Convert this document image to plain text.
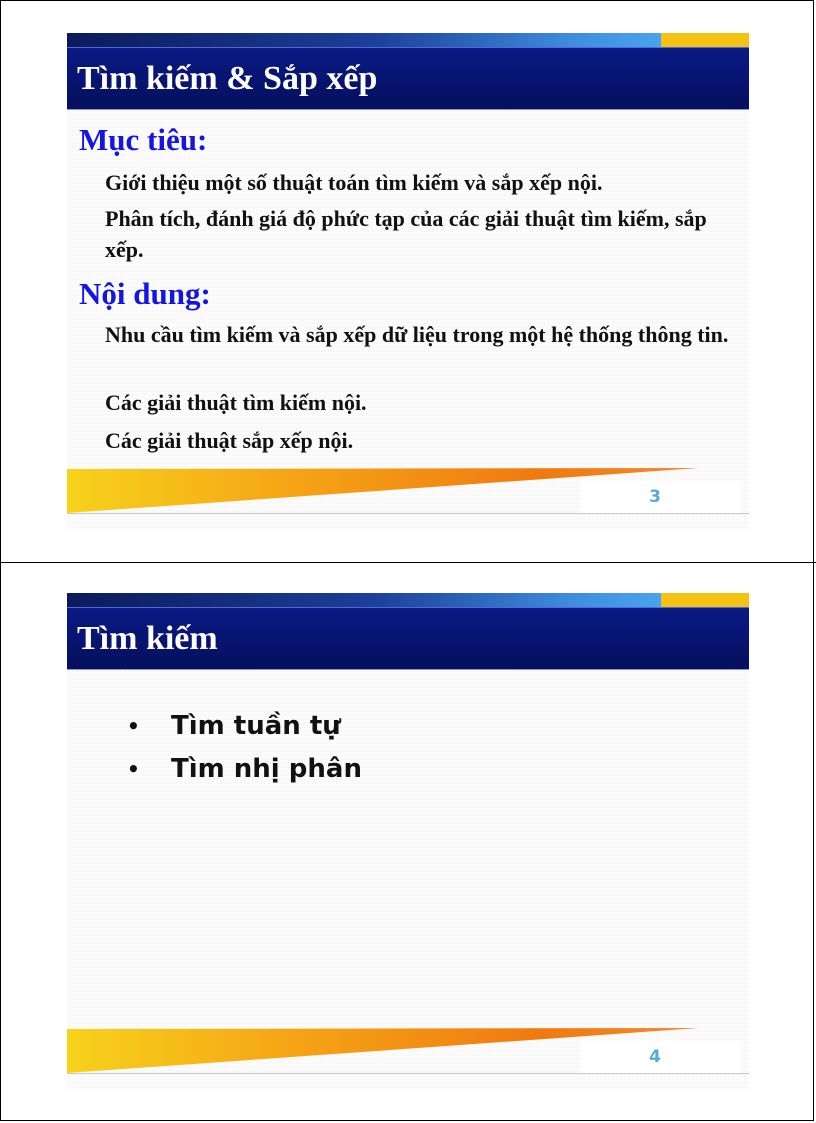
Tìm kiếm & Sắp xếp
Mục tiêu:
Giới thiệu một số thuật toán tìm kiếm và sắp xếp nội.
Phân tích, đánh giá độ phức tạp của các giải thuật tìm kiếm, sắp xếp.
Nội dung:
Nhu cầu tìm kiếm và sắp xếp dữ liệu trong một hệ thống thông tin.
Các giải thuật tìm kiếm nội.
Các giải thuật sắp xếp nội.
3
Tìm kiếm
• Tìm tuần tự
• Tìm nhị phân
4
